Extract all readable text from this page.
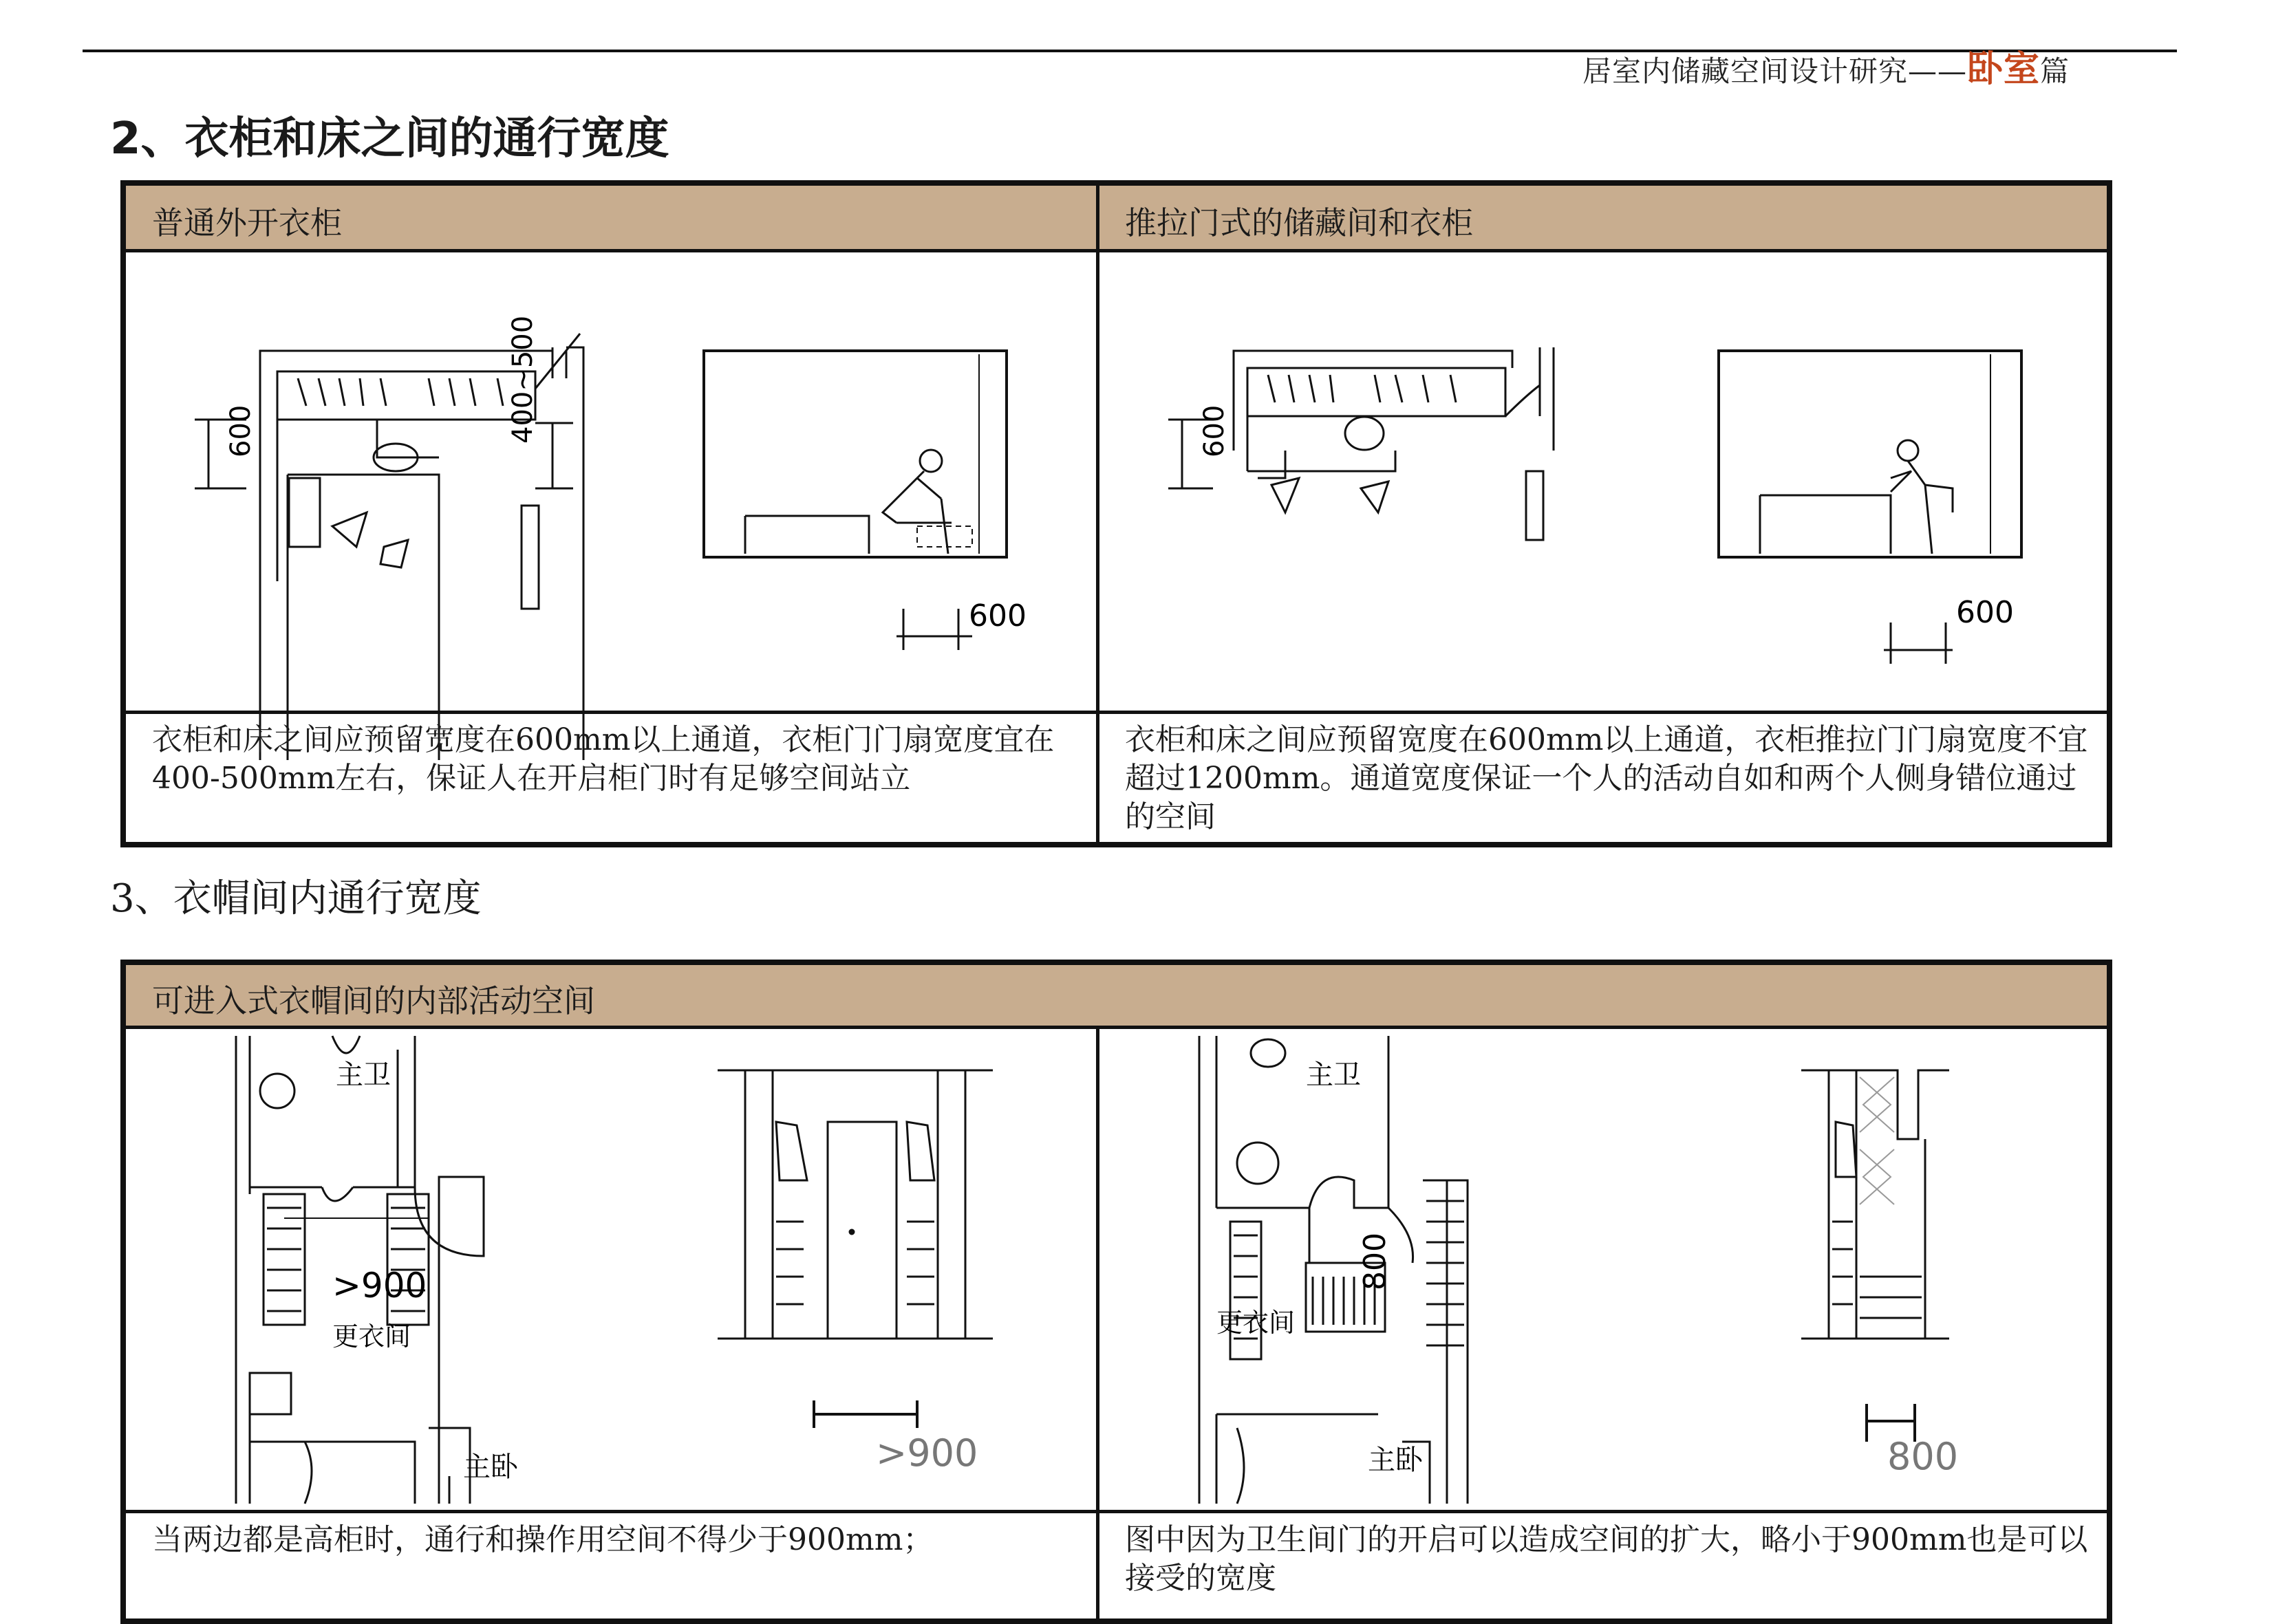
居室内储藏空间设计研究——卧室篇
2、衣柜和床之间的通行宽度
普通外开衣柜	推拉门式的储藏间和衣柜
600	400~500
600
600
600
衣柜和床之间应预留宽度在600mm以上通道，衣柜门门扇宽度宜在400-500mm左右，保证人在开启柜门时有足够空间站立
衣柜和床之间应预留宽度在600mm以上通道，衣柜推拉门门扇宽度不宜超过1200mm。通道宽度保证一个人的活动自如和两个人侧身错位通过的空间
3、衣帽间内通行宽度
可进入式衣帽间的内部活动空间
>900
主卫
更衣间
主卧	>900
800
主卫
更衣间
主卧	800
当两边都是高柜时，通行和操作用空间不得少于900mm；	图中因为卫生间门的开启可以造成空间的扩大，略小于900mm也是可以接受的宽度
